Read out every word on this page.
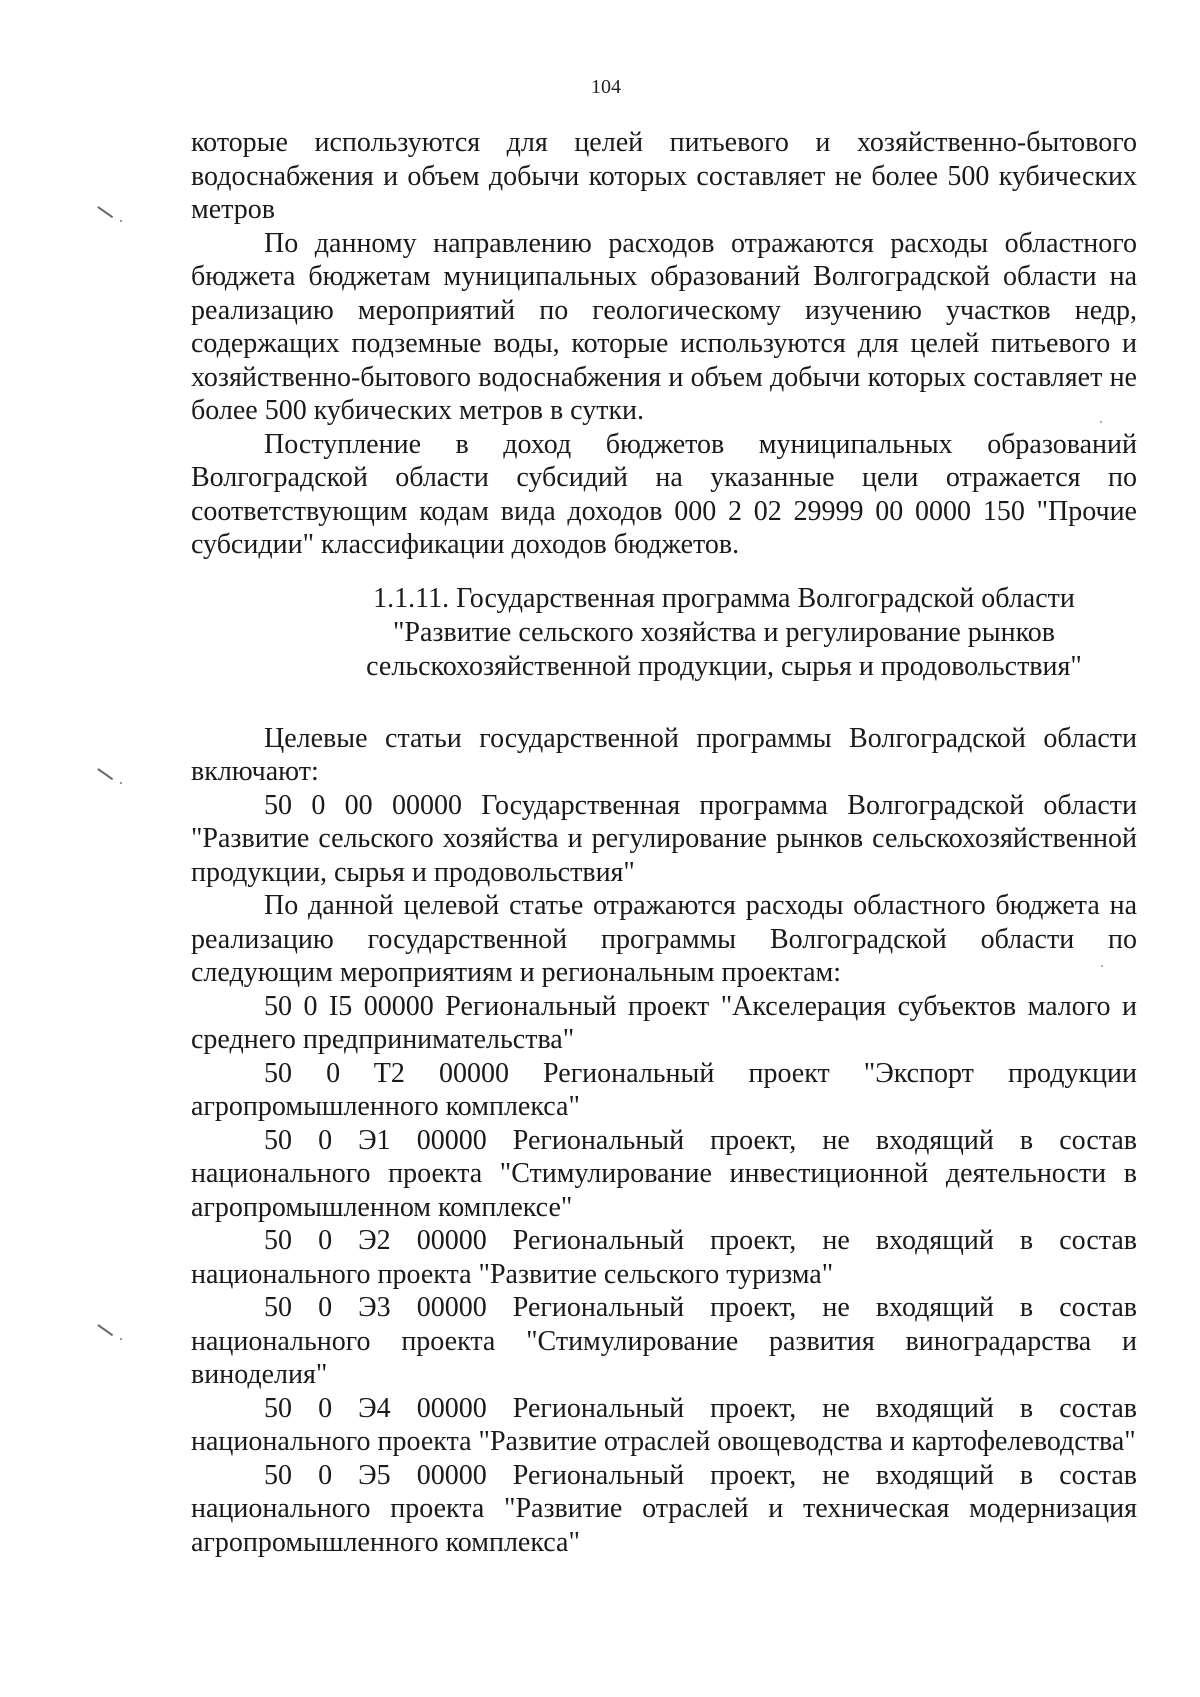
104

которые используются для целей питьевого и хозяйственно-бытового водоснабжения и объем добычи которых составляет не более 500 кубических метров

По данному направлению расходов отражаются расходы областного бюджета бюджетам муниципальных образований Волгоградской области на реализацию мероприятий по геологическому изучению участков недр, содержащих подземные воды, которые используются для целей питьевого и хозяйственно-бытового водоснабжения и объем добычи которых составляет не более 500 кубических метров в сутки.

Поступление в доход бюджетов муниципальных образований Волгоградской области субсидий на указанные цели отражается по соответствующим кодам вида доходов 000 2 02 29999 00 0000 150 "Прочие субсидии" классификации доходов бюджетов.

1.1.11. Государственная программа Волгоградской области
"Развитие сельского хозяйства и регулирование рынков
сельскохозяйственной продукции, сырья и продовольствия"

Целевые статьи государственной программы Волгоградской области включают:

50 0 00 00000 Государственная программа Волгоградской области "Развитие сельского хозяйства и регулирование рынков сельскохозяйственной продукции, сырья и продовольствия"

По данной целевой статье отражаются расходы областного бюджета на реализацию государственной программы Волгоградской области по следующим мероприятиям и региональным проектам:

50 0 I5 00000 Региональный проект "Акселерация субъектов малого и среднего предпринимательства"

50 0 T2 00000 Региональный проект "Экспорт продукции агропромышленного комплекса"

50 0 Э1 00000 Региональный проект, не входящий в состав национального проекта "Стимулирование инвестиционной деятельности в агропромышленном комплексе"

50 0 Э2 00000 Региональный проект, не входящий в состав национального проекта "Развитие сельского туризма"

50 0 Э3 00000 Региональный проект, не входящий в состав национального проекта "Стимулирование развития виноградарства и виноделия"

50 0 Э4 00000 Региональный проект, не входящий в состав национального проекта "Развитие отраслей овощеводства и картофелеводства"

50 0 Э5 00000 Региональный проект, не входящий в состав национального проекта "Развитие отраслей и техническая модернизация агропромышленного комплекса"
